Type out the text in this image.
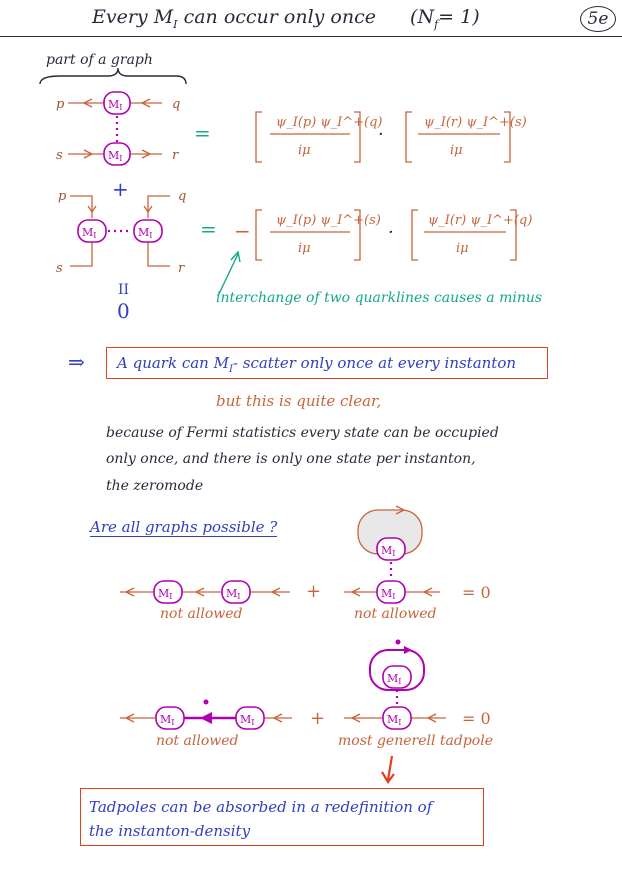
Every $M_I$ can occur only once $(N_f= 1)$	5e
part of a graph
p	q
MI
s	r
MI
+
=
p	q
s	r
MI	MI =
II
0
ψ_I(p) ψ_I^+(q)
iμ
·
ψ_I(r) ψ_I^+(s)
iμ
− ψ_I(p) ψ_I^+(s)
iμ
·
ψ_I(r) ψ_I^+(q)
iμ
interchange of two quarklines causes a minus
⇒	A quark can $M_I-$ scatter only once at every instanton
but this is quite clear,
because of Fermi statistics every state can be occupied
only once, and there is only one state per instanton,
the zeromode
Are all graphs possible ?
MI	MI	+
MI
MI	= 0
MI	MI	+
MI
MI	= 0
not allowed	not allowed
not allowed	most generell tadpole
Tadpoles can be absorbed in a redefinition of
the instanton-density
